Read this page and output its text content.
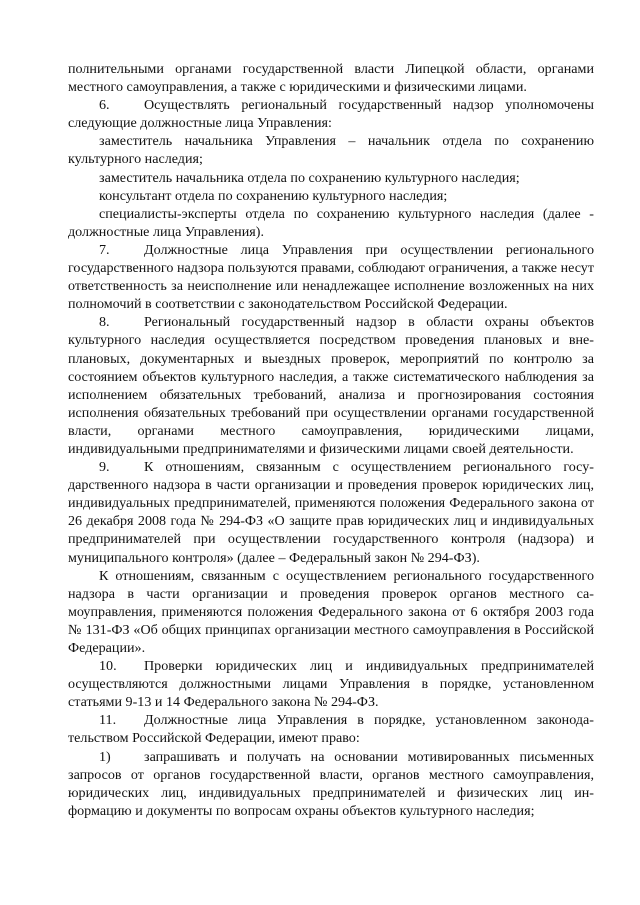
полнительными органами государственной власти Липецкой области, органами местного самоуправления, а также с юридическими и физическими лицами.

6. Осуществлять региональный государственный надзор уполномочены следующие должностные лица Управления:

заместитель начальника Управления – начальник отдела по сохранению культурного наследия;

заместитель начальника отдела по сохранению культурного наследия;

консультант отдела по сохранению культурного наследия;

специалисты-эксперты отдела по сохранению культурного наследия (далее - должностные лица Управления).

7. Должностные лица Управления при осуществлении регионального государственного надзора пользуются правами, соблюдают ограничения, а также несут ответственность за неисполнение или ненадлежащее исполнение возложенных на них полномочий в соответствии с законодательством Российской Федерации.

8. Региональный государственный надзор в области охраны объектов культурного наследия осуществляется посредством проведения плановых и внеплановых, документарных и выездных проверок, мероприятий по контролю за состоянием объектов культурного наследия, а также систематического наблюдения за исполнением обязательных требований, анализа и прогнозирования состояния исполнения обязательных требований при осуществлении органами государственной власти, органами местного самоуправления, юридическими лицами, индивидуальными предпринимателями и физическими лицами своей деятельности.

9. К отношениям, связанным с осуществлением регионального государственного надзора в части организации и проведения проверок юридических лиц, индивидуальных предпринимателей, применяются положения Федерального закона от 26 декабря 2008 года № 294-ФЗ «О защите прав юридических лиц и индивидуальных предпринимателей при осуществлении государственного контроля (надзора) и муниципального контроля» (далее – Федеральный закон № 294-ФЗ).

К отношениям, связанным с осуществлением регионального государственного надзора в части организации и проведения проверок органов местного самоуправления, применяются положения Федерального закона от 6 октября 2003 года № 131-ФЗ «Об общих принципах организации местного самоуправления в Российской Федерации».

10. Проверки юридических лиц и индивидуальных предпринимателей осуществляются должностными лицами Управления в порядке, установленном статьями 9-13 и 14 Федерального закона № 294-ФЗ.

11. Должностные лица Управления в порядке, установленном законодательством Российской Федерации, имеют право:

1) запрашивать и получать на основании мотивированных письменных запросов от органов государственной власти, органов местного самоуправления, юридических лиц, индивидуальных предпринимателей и физических лиц информацию и документы по вопросам охраны объектов культурного наследия;
